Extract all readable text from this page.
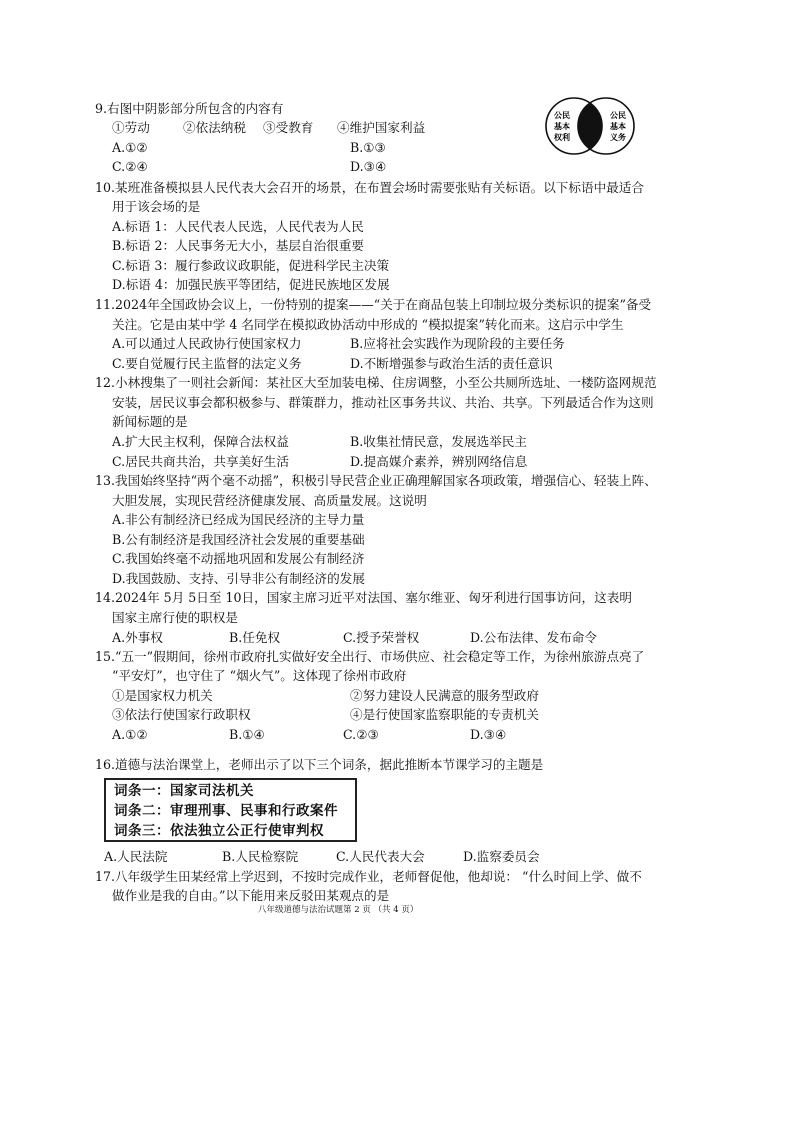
9.右图中阴影部分所包含的内容有
①劳动	②依法纳税 ③受教育 ④维护国家利益
A.①②	B.①③
C.②④	D.③④
公民
基本
权利
公民
基本
义务
10.某班准备模拟县人民代表大会召开的场景，在布置会场时需要张贴有关标语。以下标语中最适合
用于该会场的是
A.标语 1：人民代表人民选，人民代表为人民
B.标语 2：人民事务无大小，基层自治很重要
C.标语 3：履行参政议政职能，促进科学民主决策
D.标语 4：加强民族平等团结，促进民族地区发展
11.2024年全国政协会议上，一份特别的提案——“关于在商品包装上印制垃圾分类标识的提案”备受
关注。它是由某中学 4 名同学在模拟政协活动中形成的 “模拟提案”转化而来。这启示中学生
A.可以通过人民政协行使国家权力	B.应将社会实践作为现阶段的主要任务
C.要自觉履行民主监督的法定义务	D.不断增强参与政治生活的责任意识
12.小林搜集了一则社会新闻：某社区大至加装电梯、住房调整，小至公共厕所选址、一楼防盗网规范
安装，居民议事会都积极参与、群策群力，推动社区事务共议、共治、共享。下列最适合作为这则
新闻标题的是
A.扩大民主权利，保障合法权益	B.收集社情民意，发展选举民主
C.居民共商共治，共享美好生活	D.提高媒介素养，辨别网络信息
13.我国始终坚持“两个毫不动摇”，积极引导民营企业正确理解国家各项政策，增强信心、轻装上阵、
大胆发展，实现民营经济健康发展、高质量发展。这说明
A.非公有制经济已经成为国民经济的主导力量
B.公有制经济是我国经济社会发展的重要基础
C.我国始终毫不动摇地巩固和发展公有制经济
D.我国鼓励、支持、引导非公有制经济的发展
14.2024年 5月 5日至 10日，国家主席习近平对法国、塞尔维亚、匈牙利进行国事访问，这表明
国家主席行使的职权是
A.外事权	B.任免权	C.授予荣誉权	D.公布法律、发布命令
15.“五一”假期间，徐州市政府扎实做好安全出行、市场供应、社会稳定等工作，为徐州旅游点亮了
“平安灯”，也守住了 “烟火气”。这体现了徐州市政府
①是国家权力机关	②努力建设人民满意的服务型政府
③依法行使国家行政职权	④是行使国家监察职能的专责机关
A.①②	B.①④	C.②③	D.③④
16.道德与法治课堂上，老师出示了以下三个词条，据此推断本节课学习的主题是
词条一：国家司法机关
词条二：审理刑事、民事和行政案件
词条三：依法独立公正行使审判权
A.人民法院	B.人民检察院	C.人民代表大会	D.监察委员会
17.八年级学生田某经常上学迟到，不按时完成作业，老师督促他，他却说： “什么时间上学、做不
做作业是我的自由。”以下能用来反驳田某观点的是
八年级道德与法治试题第 2 页 （共 4 页）
